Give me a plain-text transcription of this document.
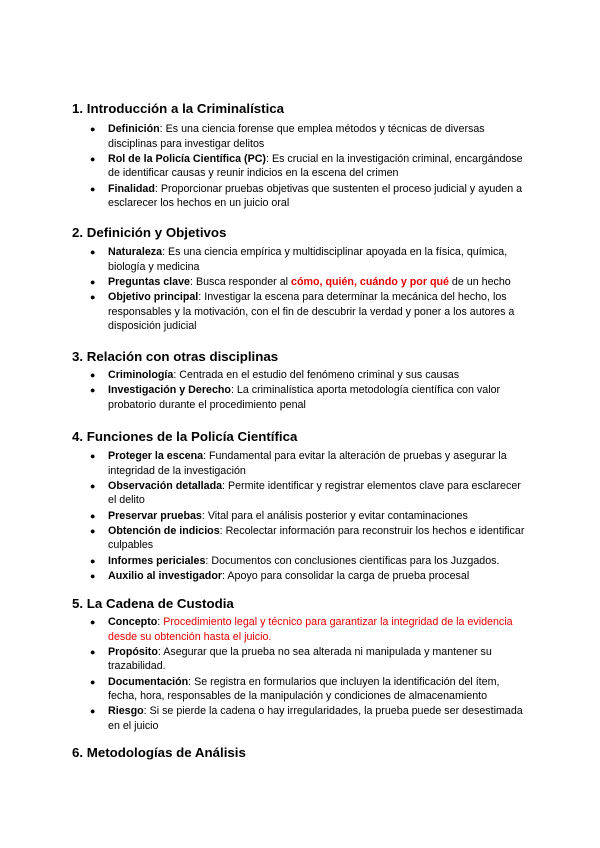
1. Introducción a la Criminalística
● Definición: Es una ciencia forense que emplea métodos y técnicas de diversas disciplinas para investigar delitos
● Rol de la Policía Científica (PC): Es crucial en la investigación criminal, encargándose de identificar causas y reunir indicios en la escena del crimen
● Finalidad: Proporcionar pruebas objetivas que sustenten el proceso judicial y ayuden a esclarecer los hechos en un juicio oral
2. Definición y Objetivos
● Naturaleza: Es una ciencia empírica y multidisciplinar apoyada en la física, química, biología y medicina
● Preguntas clave: Busca responder al cómo, quién, cuándo y por qué de un hecho
● Objetivo principal: Investigar la escena para determinar la mecánica del hecho, los responsables y la motivación, con el fin de descubrir la verdad y poner a los autores a disposición judicial
3. Relación con otras disciplinas
● Criminología: Centrada en el estudio del fenómeno criminal y sus causas
● Investigación y Derecho: La criminalística aporta metodología científica con valor probatorio durante el procedimiento penal
4. Funciones de la Policía Científica
● Proteger la escena: Fundamental para evitar la alteración de pruebas y asegurar la integridad de la investigación
● Observación detallada: Permite identificar y registrar elementos clave para esclarecer el delito
● Preservar pruebas: Vital para el análisis posterior y evitar contaminaciones
● Obtención de indicios: Recolectar información para reconstruir los hechos e identificar culpables
● Informes periciales: Documentos con conclusiones científicas para los Juzgados.
● Auxilio al investigador: Apoyo para consolidar la carga de prueba procesal
5. La Cadena de Custodia
● Concepto: Procedimiento legal y técnico para garantizar la integridad de la evidencia desde su obtención hasta el juicio.
● Propósito: Asegurar que la prueba no sea alterada ni manipulada y mantener su trazabilidad.
● Documentación: Se registra en formularios que incluyen la identificación del ítem, fecha, hora, responsables de la manipulación y condiciones de almacenamiento
● Riesgo: Si se pierde la cadena o hay irregularidades, la prueba puede ser desestimada en el juicio
6. Metodologías de Análisis
